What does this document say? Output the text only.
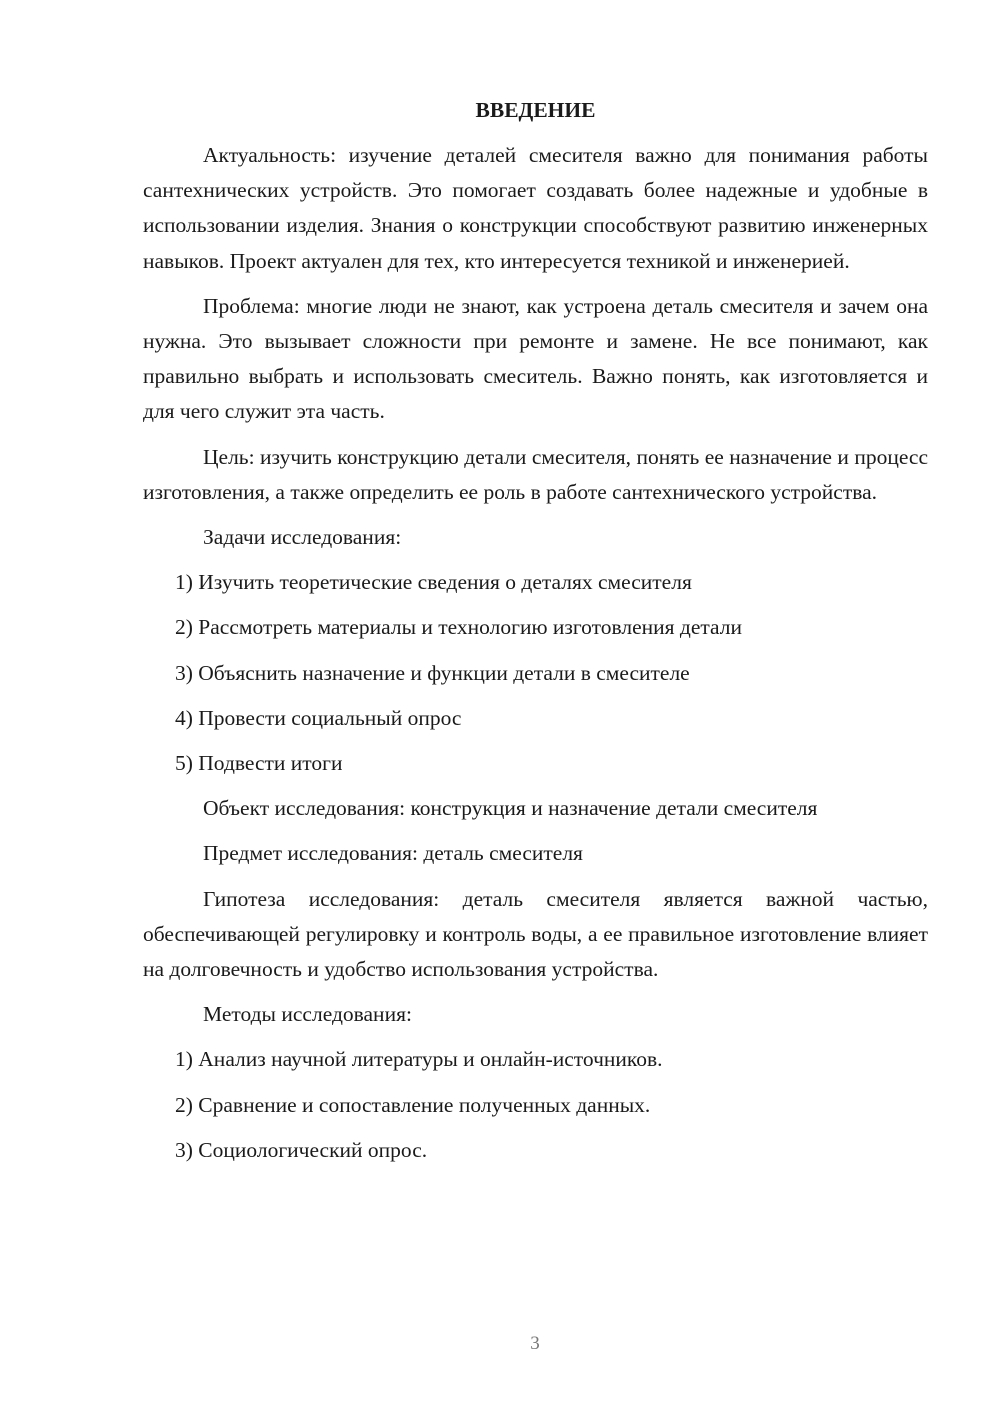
ВВЕДЕНИЕ

Актуальность: изучение деталей смесителя важно для понимания работы сантехнических устройств. Это помогает создавать более надежные и удобные в использовании изделия. Знания о конструкции способствуют развитию инженерных навыков. Проект актуален для тех, кто интересуется техникой и инженерией.

Проблема: многие люди не знают, как устроена деталь смесителя и зачем она нужна. Это вызывает сложности при ремонте и замене. Не все понимают, как правильно выбрать и использовать смеситель. Важно понять, как изготовляется и для чего служит эта часть.

Цель: изучить конструкцию детали смесителя, понять ее назначение и процесс изготовления, а также определить ее роль в работе сантехнического устройства.

Задачи исследования:
1) Изучить теоретические сведения о деталях смесителя
2) Рассмотреть материалы и технологию изготовления детали
3) Объяснить назначение и функции детали в смесителе
4) Провести социальный опрос
5) Подвести итоги
Объект исследования: конструкция и назначение детали смесителя
Предмет исследования: деталь смесителя

Гипотеза исследования: деталь смесителя является важной частью, обеспечивающей регулировку и контроль воды, а ее правильное изготовление влияет на долговечность и удобство использования устройства.

Методы исследования:
1) Анализ научной литературы и онлайн-источников.
2) Сравнение и сопоставление полученных данных.
3) Социологический опрос.
3
